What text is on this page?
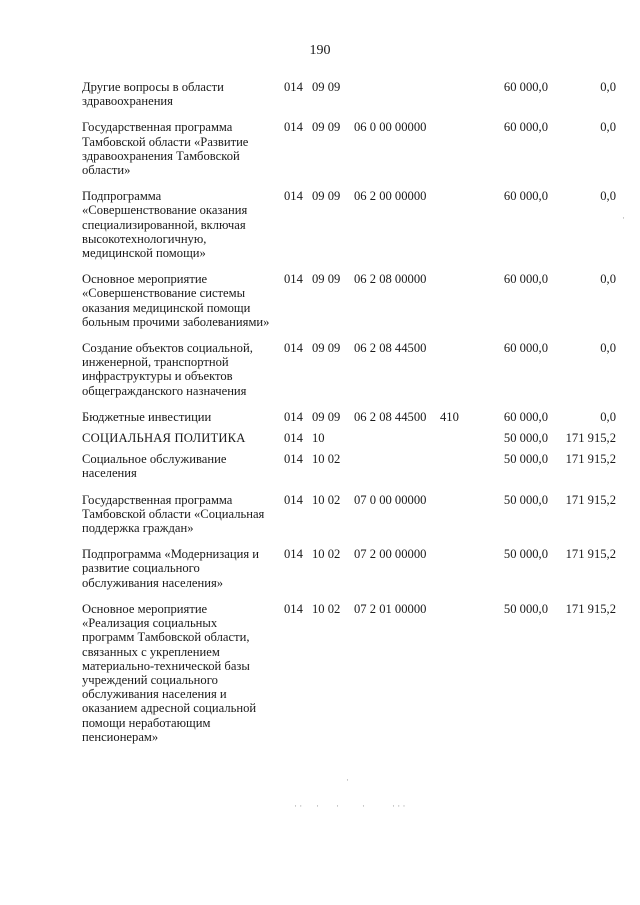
190
Другие вопросы в области здравоохранения	014	09 09			60 000,0	0,0

Государственная программа Тамбовской области «Развитие здравоохранения Тамбовской области»	014	09 09	06 0 00 00000		60 000,0	0,0

Подпрограмма «Совершенствование оказания специализированной, включая высокотехнологичную, медицинской помощи»	014	09 09	06 2 00 00000		60 000,0	0,0

Основное мероприятие «Совершенствование системы оказания медицинской помощи больным прочими заболеваниями»	014	09 09	06 2 08 00000		60 000,0	0,0

Создание объектов социальной, инженерной, транспортной инфраструктуры и объектов общегражданского назначения	014	09 09	06 2 08 44500		60 000,0	0,0

Бюджетные инвестиции	014	09 09	06 2 08 44500	410	60 000,0	0,0

СОЦИАЛЬНАЯ ПОЛИТИКА	014	10			50 000,0	171 915,2

Социальное обслуживание населения	014	10 02			50 000,0	171 915,2

Государственная программа Тамбовской области «Социальная поддержка граждан»	014	10 02	07 0 00 00000		50 000,0	171 915,2

Подпрограмма «Модернизация и развитие социального обслуживания населения»	014	10 02	07 2 00 00000		50 000,0	171 915,2

Основное мероприятие «Реализация социальных программ Тамбовской области, связанных с укреплением материально-технической базы учреждений социального обслуживания населения и оказанием адресной социальной помощи неработающим пенсионерам»	014	10 02	07 2 01 00000		50 000,0	171 915,2
·
· · · ·	·	· · ·
·
